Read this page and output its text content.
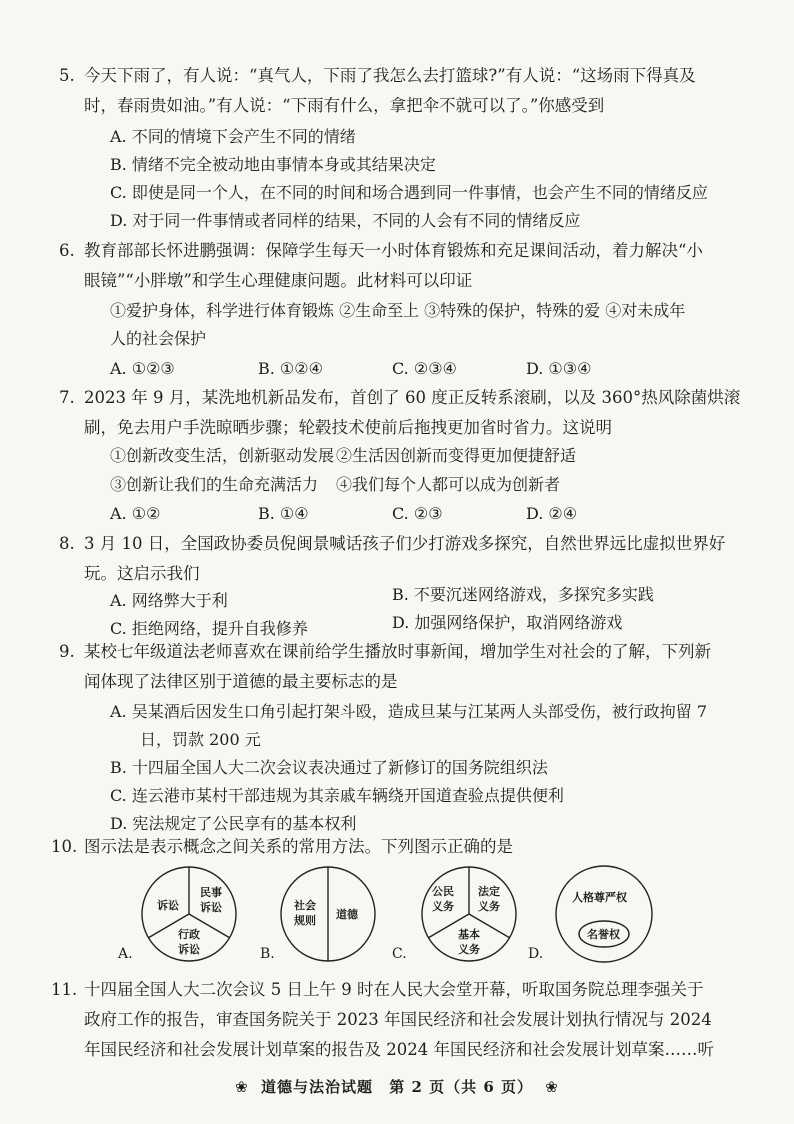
5. 今天下雨了，有人说：“真气人，下雨了我怎么去打篮球?”有人说：“这场雨下得真及
时，春雨贵如油。”有人说：“下雨有什么，拿把伞不就可以了。”你感受到
A. 不同的情境下会产生不同的情绪
B. 情绪不完全被动地由事情本身或其结果决定
C. 即使是同一个人，在不同的时间和场合遇到同一件事情，也会产生不同的情绪反应
D. 对于同一件事情或者同样的结果，不同的人会有不同的情绪反应
6. 教育部部长怀进鹏强调：保障学生每天一小时体育锻炼和充足课间活动，着力解决“小
眼镜”“小胖墩”和学生心理健康问题。此材料可以印证
①爱护身体，科学进行体育锻炼 ②生命至上 ③特殊的保护，特殊的爱 ④对未成年
人的社会保护
A. ①②③	B. ①②④	C. ②③④	D. ①③④
7. 2023 年 9 月，某洗地机新品发布，首创了 60 度正反转系滚刷，以及 360°热风除菌烘滚
刷，免去用户手洗晾晒步骤；轮毂技术使前后拖拽更加省时省力。这说明
①创新改变生活，创新驱动发展 ②生活因创新而变得更加便捷舒适
③创新让我们的生命充满活力 ④我们每个人都可以成为创新者
A. ①②	B. ①④	C. ②③	D. ②④
8. 3 月 10 日，全国政协委员倪闽景喊话孩子们少打游戏多探究，自然世界远比虚拟世界好
玩。这启示我们
A. 网络弊大于利	B. 不要沉迷网络游戏，多探究多实践
C. 拒绝网络，提升自我修养	D. 加强网络保护，取消网络游戏
9. 某校七年级道法老师喜欢在课前给学生播放时事新闻，增加学生对社会的了解，下列新
闻体现了法律区别于道德的最主要标志的是
A. 吴某酒后因发生口角引起打架斗殴，造成旦某与江某两人头部受伤，被行政拘留 7
日，罚款 200 元
B. 十四届全国人大二次会议表决通过了新修订的国务院组织法
C. 连云港市某村干部违规为其亲戚车辆绕开国道查验点提供便利
D. 宪法规定了公民享有的基本权利
10. 图示法是表示概念之间关系的常用方法。下列图示正确的是
A.
诉讼
民事
诉讼
行政
诉讼	B.
社会
规则 道德
C.
公民
义务
法定
义务
基本
义务	D.
人格尊严权
名誉权
11. 十四届全国人大二次会议 5 日上午 9 时在人民大会堂开幕，听取国务院总理李强关于
政府工作的报告，审查国务院关于 2023 年国民经济和社会发展计划执行情况与 2024
年国民经济和社会发展计划草案的报告及 2024 年国民经济和社会发展计划草案……听
❀ 道德与法治试题 第 2 页（共 6 页） ❀
